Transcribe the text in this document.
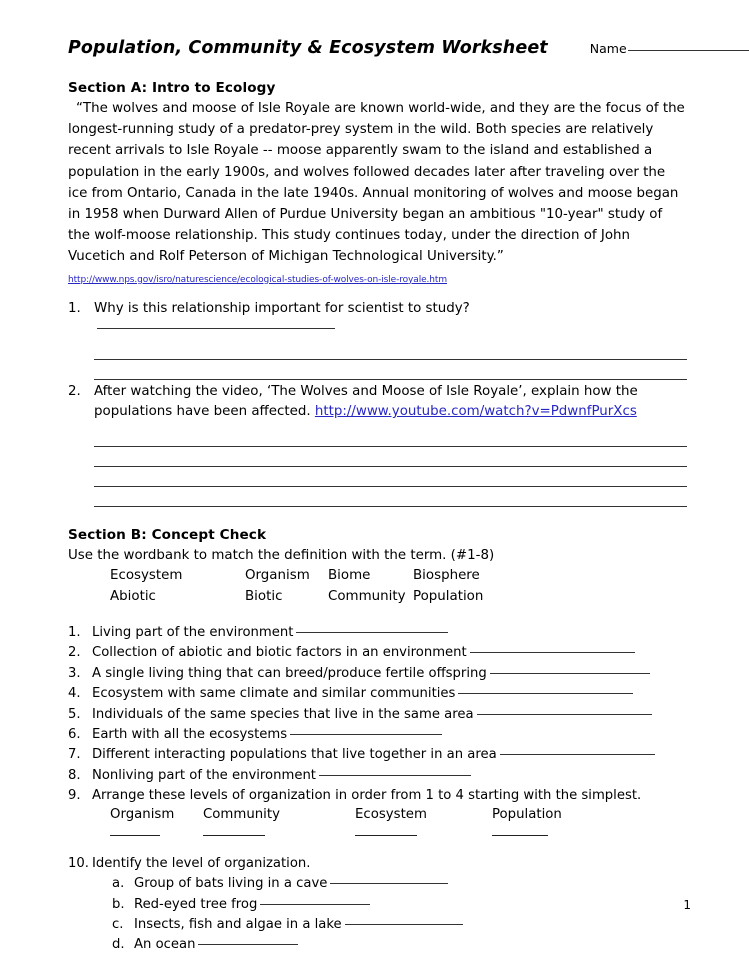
Population, Community & Ecosystem Worksheet	Name
Section A: Intro to Ecology

“The wolves and moose of Isle Royale are known world-wide, and they are the focus of the longest-running study of a predator-prey system in the wild. Both species are relatively recent arrivals to Isle Royale -- moose apparently swam to the island and established a population in the early 1900s, and wolves followed decades later after traveling over the ice from Ontario, Canada in the late 1940s. Annual monitoring of wolves and moose began in 1958 when Durward Allen of Purdue University began an ambitious "10-year" study of the wolf-moose relationship. This study continues today, under the direction of John Vucetich and Rolf Peterson of Michigan Technological University.” http://www.nps.gov/isro/naturescience/ecological-studies-of-wolves-on-isle-royale.htm

1. Why is this relationship important for scientist to study?
2. After watching the video, ‘The Wolves and Moose of Isle Royale’, explain how the populations have been affected. http://www.youtube.com/watch?v=PdwnfPurXcs
Section B: Concept Check
Use the wordbank to match the definition with the term. (#1-8)
Ecosystem	Organism Biome	Biosphere
Abiotic	Biotic	Community Population
1. Living part of the environment
2. Collection of abiotic and biotic factors in an environment
3. A single living thing that can breed/produce fertile offspring
4. Ecosystem with same climate and similar communities
5. Individuals of the same species that live in the same area
6. Earth with all the ecosystems
7. Different interacting populations that live together in an area
8. Nonliving part of the environment
9. Arrange these levels of organization in order from 1 to 4 starting with the simplest.
Organism Community	Ecosystem	Population
10. Identify the level of organization.
a. Group of bats living in a cave
b. Red-eyed tree frog
c. Insects, fish and algae in a lake
d. An ocean
1
